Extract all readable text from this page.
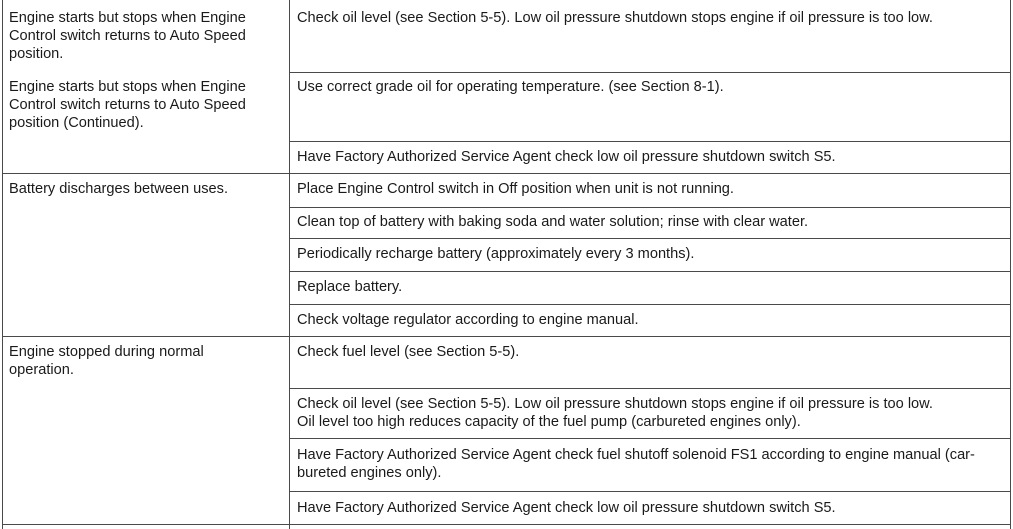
Engine starts but stops when Engine
Control switch returns to Auto Speed
position.
Engine starts but stops when Engine
Control switch returns to Auto Speed
position (Continued).
Battery discharges between uses.
Engine stopped during normal
operation.
Check oil level (see Section 5-5). Low oil pressure shutdown stops engine if oil pressure is too low.
Use correct grade oil for operating temperature. (see Section 8-1).
Have Factory Authorized Service Agent check low oil pressure shutdown switch S5.
Place Engine Control switch in Off position when unit is not running.
Clean top of battery with baking soda and water solution; rinse with clear water.
Periodically recharge battery (approximately every 3 months).
Replace battery.
Check voltage regulator according to engine manual.
Check fuel level (see Section 5-5).
Check oil level (see Section 5-5). Low oil pressure shutdown stops engine if oil pressure is too low.
Oil level too high reduces capacity of the fuel pump (carbureted engines only).
Have Factory Authorized Service Agent check fuel shutoff solenoid FS1 according to engine manual (car-
bureted engines only).
Have Factory Authorized Service Agent check low oil pressure shutdown switch S5.
